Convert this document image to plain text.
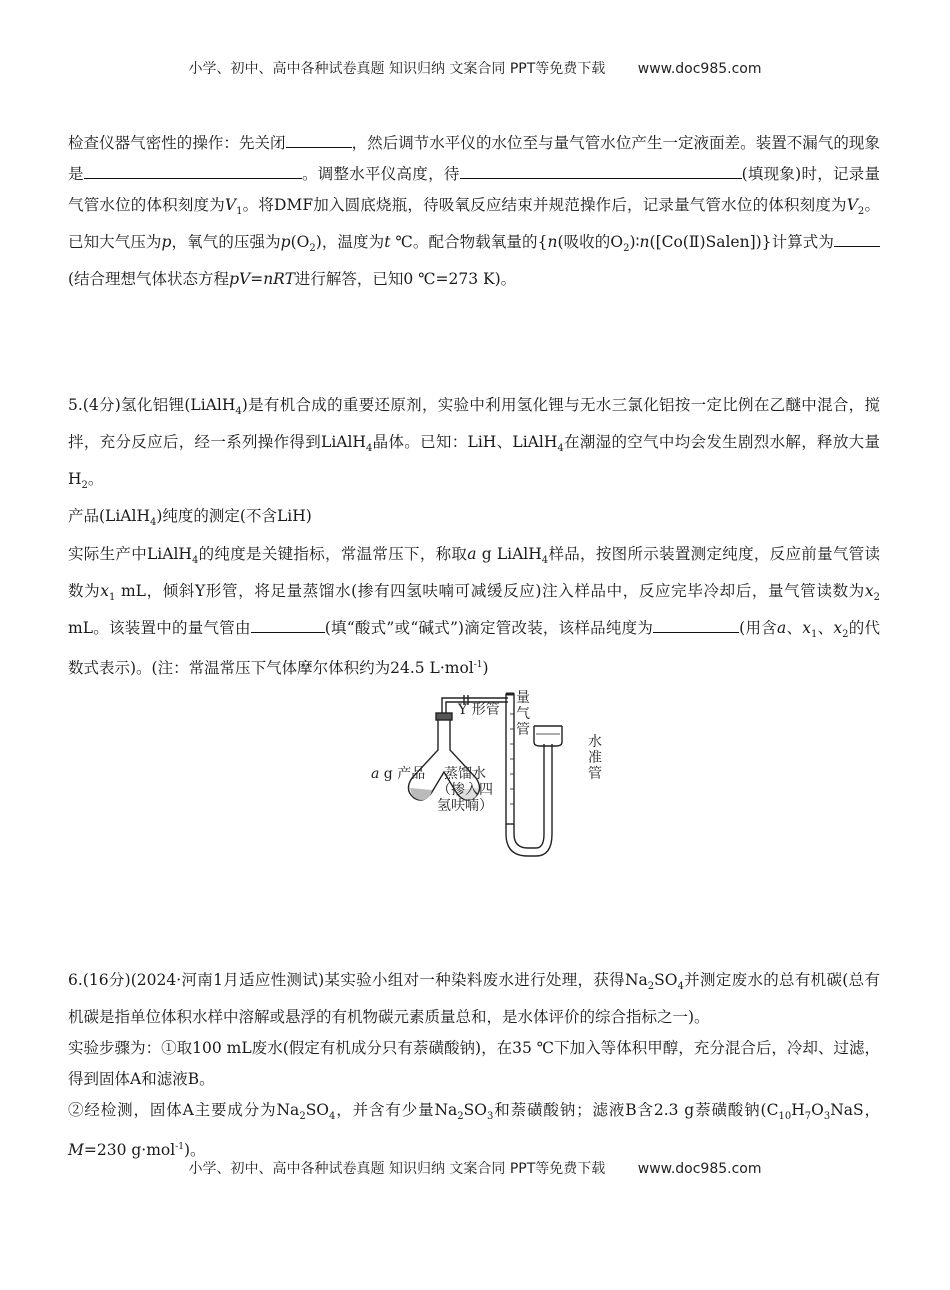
小学、初中、高中各种试卷真题 知识归纳 文案合同 PPT等免费下载 www.doc985.com

检查仪器气密性的操作：先关闭	，然后调节水平仪的水位至与量气管水位产生一定液面差。装置不漏气的现象是	。调整水平仪高度，待	(填现象)时，记录量气管水位的体积刻度为$V_1$。将DMF加入圆底烧瓶，待吸氧反应结束并规范操作后，记录量气管水位的体积刻度为$V_2$。已知大气压为p，氧气的压强为$p(O_2)$，温度为t ℃。配合物载氧量的{n(吸收的$O_2)∶n([Co(Ⅱ)Salen])$}计算式为(结合理想气体状态方程pV=nRT进行解答，已知0 ℃=273 K)。

5.(4分)氢化铝锂(LiAlH$_4$)是有机合成的重要还原剂，实验中利用氢化锂与无水三氯化铝按一定比例在乙醚中混合，搅拌，充分反应后，经一系列操作得到LiAlH$_4$晶体。已知：LiH、LiAlH$_4$在潮湿的空气中均会发生剧烈水解，释放大量$H_2$。

产品(LiAlH$_4$)纯度的测定(不含LiH)

实际生产中LiAlH$_4$的纯度是关键指标，常温常压下，称取a g LiAlH$_4$样品，按图所示装置测定纯度，反应前量气管读数为$x_1$ mL，倾斜Y形管，将足量蒸馏水(掺有四氢呋喃可减缓反应)注入样品中，反应完毕冷却后，量气管读数为$x_2$ mL。该装置中的量气管由	(填“酸式”或“碱式”)滴定管改装，该样品纯度为	(用含a、$x_1$、$x_2$的代数式表示)。(注：常温常压下气体摩尔体积约为24.5 L·mol$^{-1}$)

Y 形管
量气管
水准管
a g 产品	蒸馏水
（掺入四
氢呋喃）

6.(16分)(2024·河南1月适应性测试)某实验小组对一种染料废水进行处理，获得$Na_2SO_4$并测定废水的总有机碳(总有机碳是指单位体积水样中溶解或悬浮的有机物碳元素质量总和，是水体评价的综合指标之一)。

实验步骤为：①取100 mL废水(假定有机成分只有萘磺酸钠)，在35 ℃下加入等体积甲醇，充分混合后，冷却、过滤，得到固体A和滤液B。

②经检测，固体A主要成分为$Na_2SO_4$，并含有少量$Na_2SO_3$和萘磺酸钠；滤液B含2.3 g萘磺酸钠($C_{10}H_7O_3NaS$，M=230 g·mol$^{-1}$)。

小学、初中、高中各种试卷真题 知识归纳 文案合同 PPT等免费下载 www.doc985.com
